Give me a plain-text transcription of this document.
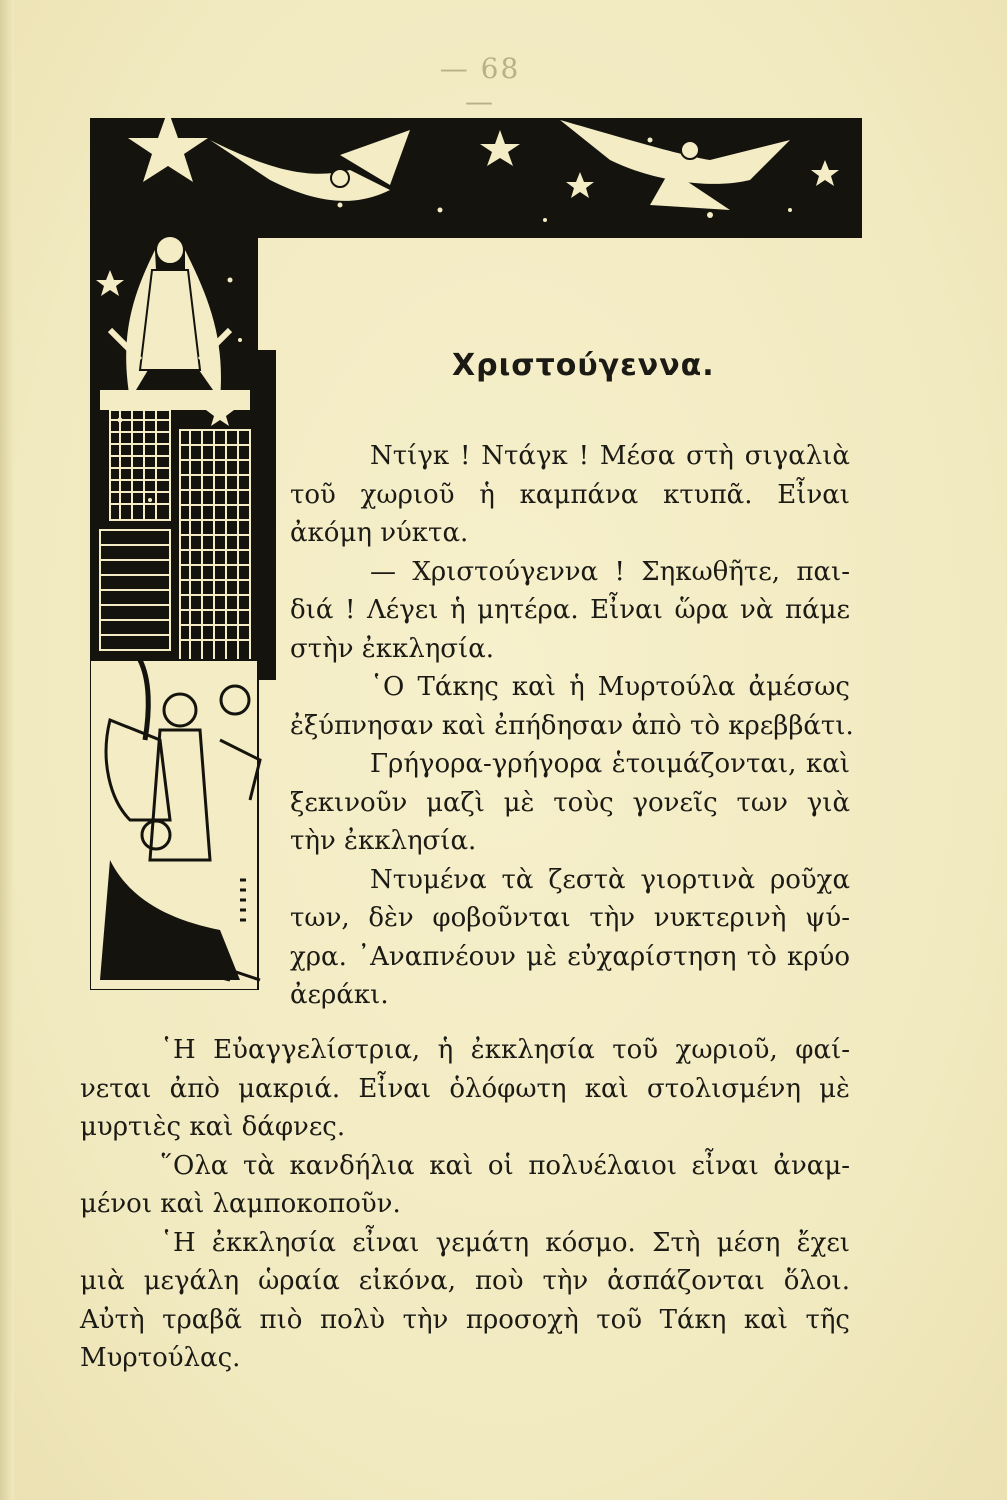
— 68 —
Χριστούγεννα.
Ντίγκ ! Ντάγκ ! Μέσα στὴ σιγαλιὰ
τοῦ χωριοῦ ἡ καμπάνα κτυπᾶ. Εἶναι
ἀκόμη νύκτα.
— Χριστούγεννα ! Σηκωθῆτε, παι-
διά ! Λέγει ἡ μητέρα. Εἶναι ὥρα νὰ πάμε
στὴν ἐκκλησία.
῾Ο Τάκης καὶ ἡ Μυρτούλα ἀμέσως
ἐξύπνησαν καὶ ἐπήδησαν ἀπὸ τὸ κρεββάτι.
Γρήγορα-γρήγορα ἑτοιμάζονται, καὶ
ξεκινοῦν μαζὶ μὲ τοὺς γονεῖς των γιὰ
τὴν ἐκκλησία.
Ντυμένα τὰ ζεστὰ γιορτινὰ ροῦχα
των, δὲν φοβοῦνται τὴν νυκτερινὴ ψύ-
χρα. ᾿Αναπνέουν μὲ εὐχαρίστηση τὸ κρύο
ἀεράκι.
῾Η Εὐαγγελίστρια, ἡ ἐκκλησία τοῦ χωριοῦ, φαί-
νεται ἀπὸ μακριά. Εἶναι ὁλόφωτη καὶ στολισμένη μὲ
μυρτιὲς καὶ δάφνες.
῞Ολα τὰ κανδήλια καὶ οἱ πολυέλαιοι εἶναι ἀναμ-
μένοι καὶ λαμποκοποῦν.
῾Η ἐκκλησία εἶναι γεμάτη κόσμο. Στὴ μέση ἔχει
μιὰ μεγάλη ὡραία εἰκόνα, ποὺ τὴν ἀσπάζονται ὅλοι.
Αὐτὴ τραβᾶ πιὸ πολὺ τὴν προσοχὴ τοῦ Τάκη καὶ τῆς
Μυρτούλας.
